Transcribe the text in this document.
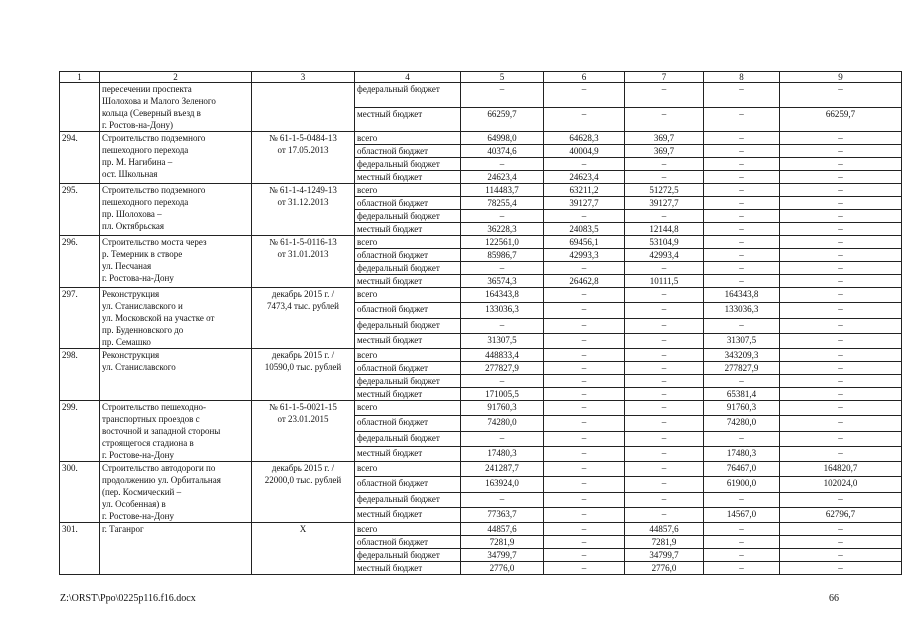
1	2	3	4	5	6	7	8	9

	пересечении проспекта
Шолохова и Малого Зеленого
кольца (Северный въезд в
г. Ростов-на-Дону)		федеральный бюджет	–	–	–	–	–
			местный бюджет	66259,7	–	–	–	66259,7
294.	Строительство подземного
пешеходного перехода
пр. М. Нагибина –
ост. Школьная	№ 61-1-5-0484-13
от 17.05.2013	всего	64998,0	64628,3	369,7	–	–
			областной бюджет	40374,6	40004,9	369,7	–	–
			федеральный бюджет	–	–	–	–	–
			местный бюджет	24623,4	24623,4	–	–	–
295.	Строительство подземного
пешеходного перехода
пр. Шолохова –
пл. Октябрьская	№ 61-1-4-1249-13
от 31.12.2013	всего	114483,7	63211,2	51272,5	–	–
			областной бюджет	78255,4	39127,7	39127,7	–	–
			федеральный бюджет	–	–	–	–	–
			местный бюджет	36228,3	24083,5	12144,8	–	–
296.	Строительство моста через
р. Темерник в створе
ул. Песчаная
г. Ростова-на-Дону	№ 61-1-5-0116-13
от 31.01.2013	всего	122561,0	69456,1	53104,9	–	–
			областной бюджет	85986,7	42993,3	42993,4	–	–
			федеральный бюджет	–	–	–	–	–
			местный бюджет	36574,3	26462,8	10111,5	–	–
297.	Реконструкция
ул. Станиславского и
ул. Московской на участке от
пр. Буденновского до
пр. Семашко	декабрь 2015 г. /
7473,4 тыс. рублей	всего	164343,8	–	–	164343,8	–
			областной бюджет	133036,3	–	–	133036,3	–
			федеральный бюджет	–	–	–	–	–
			местный бюджет	31307,5	–	–	31307,5	–
298.	Реконструкция
ул. Станиславского	декабрь 2015 г. /
10590,0 тыс. рублей	всего	448833,4	–	–	343209,3	–
			областной бюджет	277827,9	–	–	277827,9	–
			федеральный бюджет	–	–	–	–	–
			местный бюджет	171005,5	–	–	65381,4	–
299.	Строительство пешеходно-
транспортных проездов с
восточной и западной стороны
строящегося стадиона в
г. Ростове-на-Дону	№ 61-1-5-0021-15
от 23.01.2015	всего	91760,3	–	–	91760,3	–
			областной бюджет	74280,0	–	–	74280,0	–
			федеральный бюджет	–	–	–	–	–
			местный бюджет	17480,3	–	–	17480,3	–
300.	Строительство автодороги по
продолжению ул. Орбитальная
(пер. Космический –
ул. Особенная) в
г. Ростове-на-Дону	декабрь 2015 г. /
22000,0 тыс. рублей	всего	241287,7	–	–	76467,0	164820,7
			областной бюджет	163924,0	–	–	61900,0	102024,0
			федеральный бюджет	–	–	–	–	–
			местный бюджет	77363,7	–	–	14567,0	62796,7
301.	г. Таганрог	Х	всего	44857,6	–	44857,6	–	–
			областной бюджет	7281,9	–	7281,9	–	–
			федеральный бюджет	34799,7	–	34799,7	–	–
			местный бюджет	2776,0	–	2776,0	–	–
Z:\ORST\Ppo\0225p116.f16.docx	66
